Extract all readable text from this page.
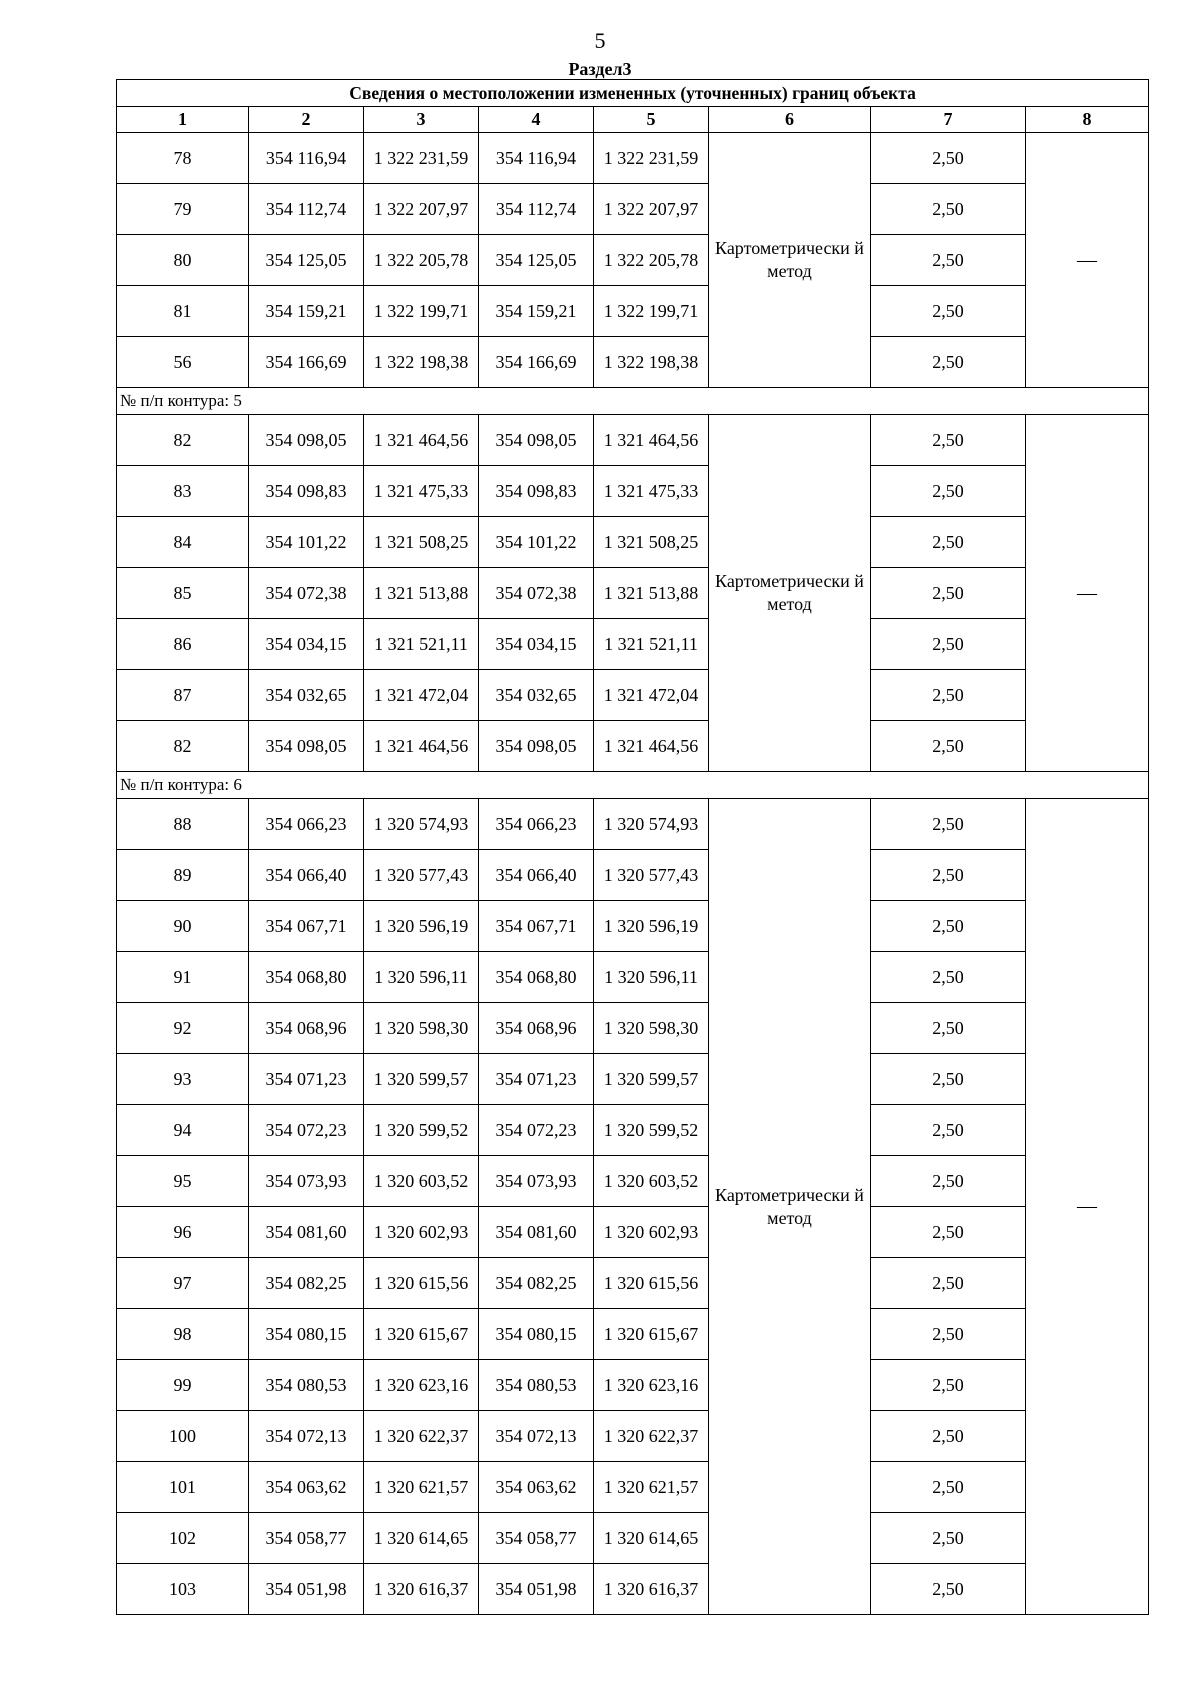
5
Раздел3
Сведения о местоположении измененных (уточненных) границ объекта							
1	2	3	4	5	6	7	8
78	354 116,94	1 322 231,59	354 116,94	1 322 231,59	Картометрически й метод	2,50	—
79	354 112,74	1 322 207,97	354 112,74	1 322 207,97		2,50	
80	354 125,05	1 322 205,78	354 125,05	1 322 205,78		2,50	
81	354 159,21	1 322 199,71	354 159,21	1 322 199,71		2,50	
56	354 166,69	1 322 198,38	354 166,69	1 322 198,38		2,50	
№ п/п контура: 5							
82	354 098,05	1 321 464,56	354 098,05	1 321 464,56	Картометрически й метод	2,50	—
83	354 098,83	1 321 475,33	354 098,83	1 321 475,33		2,50	
84	354 101,22	1 321 508,25	354 101,22	1 321 508,25		2,50	
85	354 072,38	1 321 513,88	354 072,38	1 321 513,88		2,50	
86	354 034,15	1 321 521,11	354 034,15	1 321 521,11		2,50	
87	354 032,65	1 321 472,04	354 032,65	1 321 472,04		2,50	
82	354 098,05	1 321 464,56	354 098,05	1 321 464,56		2,50	
№ п/п контура: 6							
88	354 066,23	1 320 574,93	354 066,23	1 320 574,93	Картометрически й метод	2,50	—
89	354 066,40	1 320 577,43	354 066,40	1 320 577,43		2,50	
90	354 067,71	1 320 596,19	354 067,71	1 320 596,19		2,50	
91	354 068,80	1 320 596,11	354 068,80	1 320 596,11		2,50	
92	354 068,96	1 320 598,30	354 068,96	1 320 598,30		2,50	
93	354 071,23	1 320 599,57	354 071,23	1 320 599,57		2,50	
94	354 072,23	1 320 599,52	354 072,23	1 320 599,52		2,50	
95	354 073,93	1 320 603,52	354 073,93	1 320 603,52		2,50	
96	354 081,60	1 320 602,93	354 081,60	1 320 602,93		2,50	
97	354 082,25	1 320 615,56	354 082,25	1 320 615,56		2,50	
98	354 080,15	1 320 615,67	354 080,15	1 320 615,67		2,50	
99	354 080,53	1 320 623,16	354 080,53	1 320 623,16		2,50	
100	354 072,13	1 320 622,37	354 072,13	1 320 622,37		2,50	
101	354 063,62	1 320 621,57	354 063,62	1 320 621,57		2,50	
102	354 058,77	1 320 614,65	354 058,77	1 320 614,65		2,50	
103	354 051,98	1 320 616,37	354 051,98	1 320 616,37		2,50	
